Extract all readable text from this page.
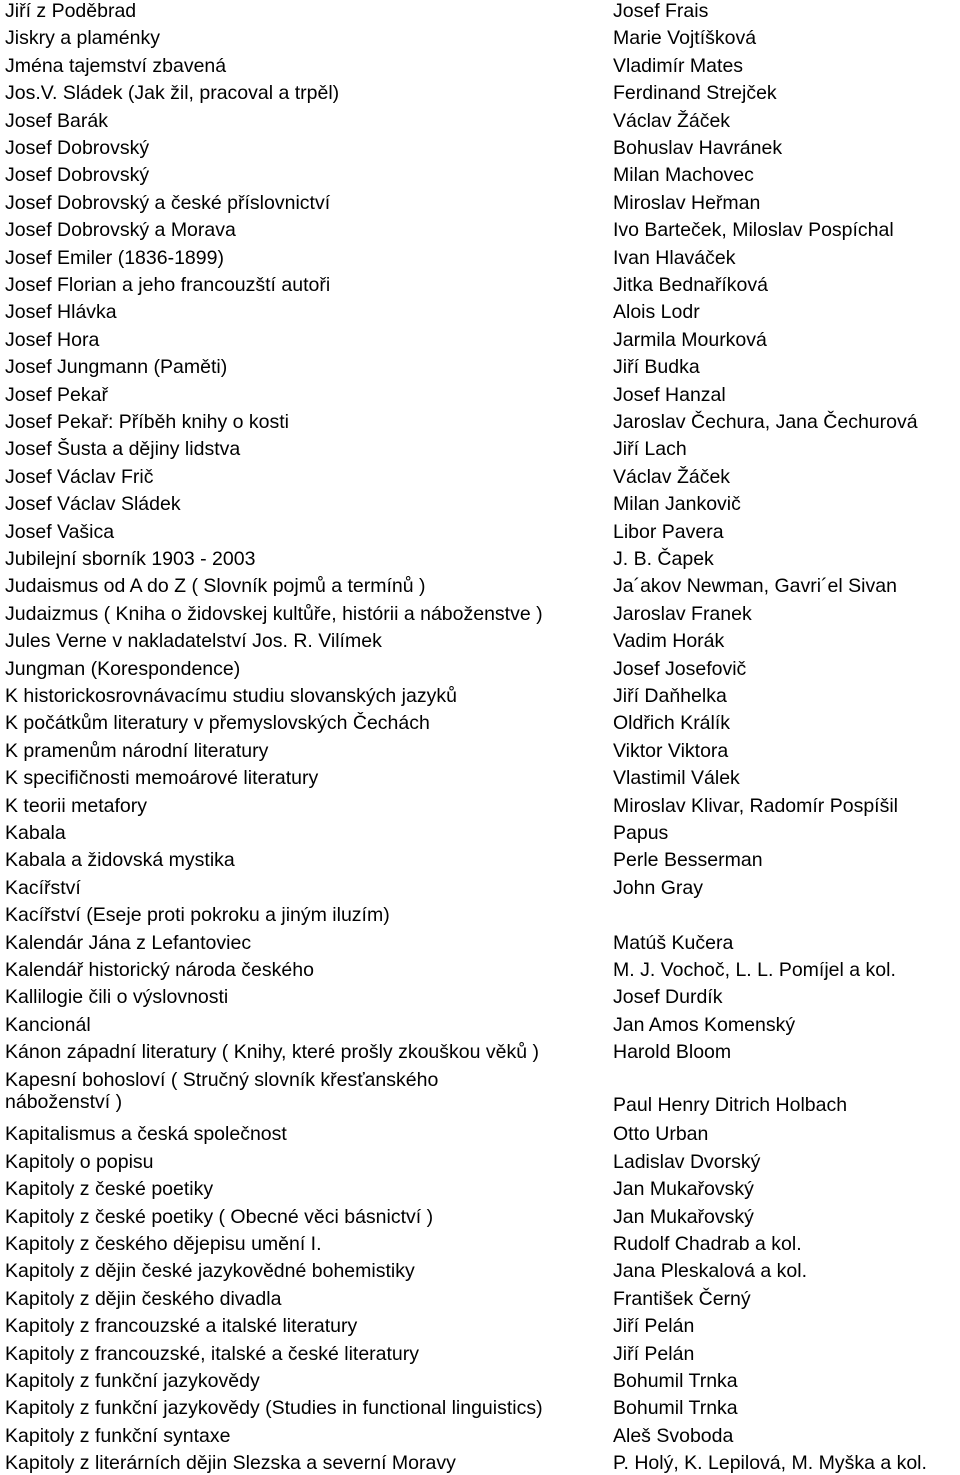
Jiří z Poděbrad	Josef Frais
Jiskry a plaménky	Marie Vojtíšková
Jména tajemství zbavená	Vladimír Mates
Jos.V. Sládek (Jak žil, pracoval a trpěl)	Ferdinand Strejček
Josef Barák	Václav Žáček
Josef Dobrovský	Bohuslav Havránek
Josef Dobrovský	Milan Machovec
Josef Dobrovský a české příslovnictví	Miroslav Heřman
Josef Dobrovský a Morava	Ivo Barteček, Miloslav Pospíchal
Josef Emiler (1836-1899)	Ivan Hlaváček
Josef Florian a jeho francouzští autoři	Jitka Bednaříková
Josef Hlávka	Alois Lodr
Josef Hora	Jarmila Mourková
Josef Jungmann (Paměti)	Jiří Budka
Josef Pekař	Josef Hanzal
Josef Pekař: Příběh knihy o kosti	Jaroslav Čechura, Jana Čechurová
Josef Šusta a dějiny lidstva	Jiří Lach
Josef Václav Frič	Václav Žáček
Josef Václav Sládek	Milan Jankovič
Josef Vašica	Libor Pavera
Jubilejní sborník 1903 - 2003	J. B. Čapek
Judaismus od A do Z ( Slovník pojmů a termínů )	Ja´akov Newman, Gavri´el Sivan
Judaizmus ( Kniha o židovskej kultůře, histórii a náboženstve )	Jaroslav Franek
Jules Verne v nakladatelství Jos. R. Vilímek	Vadim Horák
Jungman (Korespondence)	Josef Josefovič
K historickosrovnávacímu studiu slovanských jazyků	Jiří Daňhelka
K počátkům literatury v přemyslovských Čechách	Oldřich Králík
K pramenům národní literatury	Viktor Viktora
K specifičnosti memoárové literatury	Vlastimil Válek
K teorii metafory	Miroslav Klivar, Radomír Pospíšil
Kabala	Papus
Kabala a židovská mystika	Perle Besserman
Kacířství	John Gray
Kacířství (Eseje proti pokroku a jiným iluzím)
Kalendár Jána z Lefantoviec	Matúš Kučera
Kalendář historický národa českého	M. J. Vochoč, L. L. Pomíjel a kol.
Kallilogie čili o výslovnosti	Josef Durdík
Kancionál	Jan Amos Komenský
Kánon západní literatury ( Knihy, které prošly zkouškou věků )	Harold Bloom
Kapesní bohosloví ( Stručný slovník křesťanského náboženství )	Paul Henry Ditrich Holbach
Kapitalismus a česká společnost	Otto Urban
Kapitoly o popisu	Ladislav Dvorský
Kapitoly z české poetiky	Jan Mukařovský
Kapitoly z české poetiky ( Obecné věci básnictví )	Jan Mukařovský
Kapitoly z českého dějepisu umění I.	Rudolf Chadrab a kol.
Kapitoly z dějin české jazykovědné bohemistiky	Jana Pleskalová a kol.
Kapitoly z dějin českého divadla	František Černý
Kapitoly z francouzské a italské literatury	Jiří Pelán
Kapitoly z francouzské, italské a české literatury	Jiří Pelán
Kapitoly z funkční jazykovědy	Bohumil Trnka
Kapitoly z funkční jazykovědy (Studies in functional linguistics)	Bohumil Trnka
Kapitoly z funkční syntaxe	Aleš Svoboda
Kapitoly z literárních dějin Slezska a severní Moravy	P. Holý, K. Lepilová, M. Myška a kol.
